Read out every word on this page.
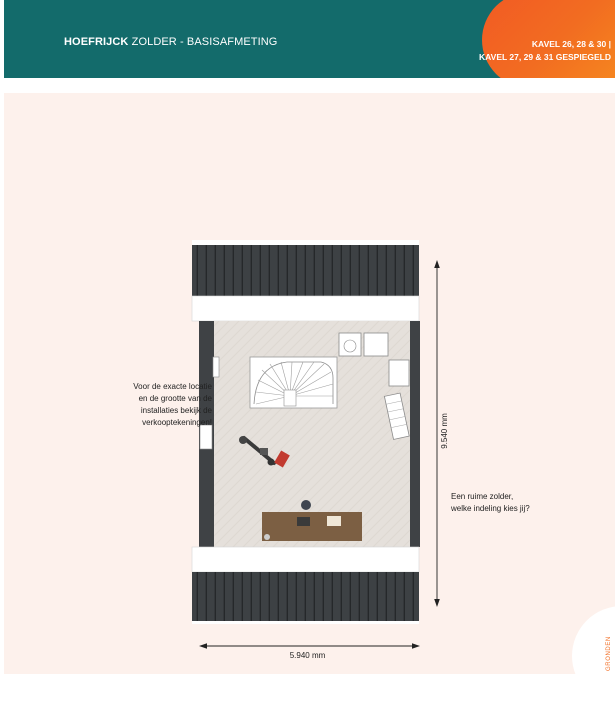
HOEFRIJCK ZOLDER - BASISAFMETING	KAVEL 26, 28 & 30 |
KAVEL 27, 29 & 31 GESPIEGELD
Voor de exacte locatie
en de grootte van de
installaties bekijk de
verkooptekeningen!
Een ruime zolder,
welke indeling kies jij?
9.540 mm
5.940 mm	GRONDEN
